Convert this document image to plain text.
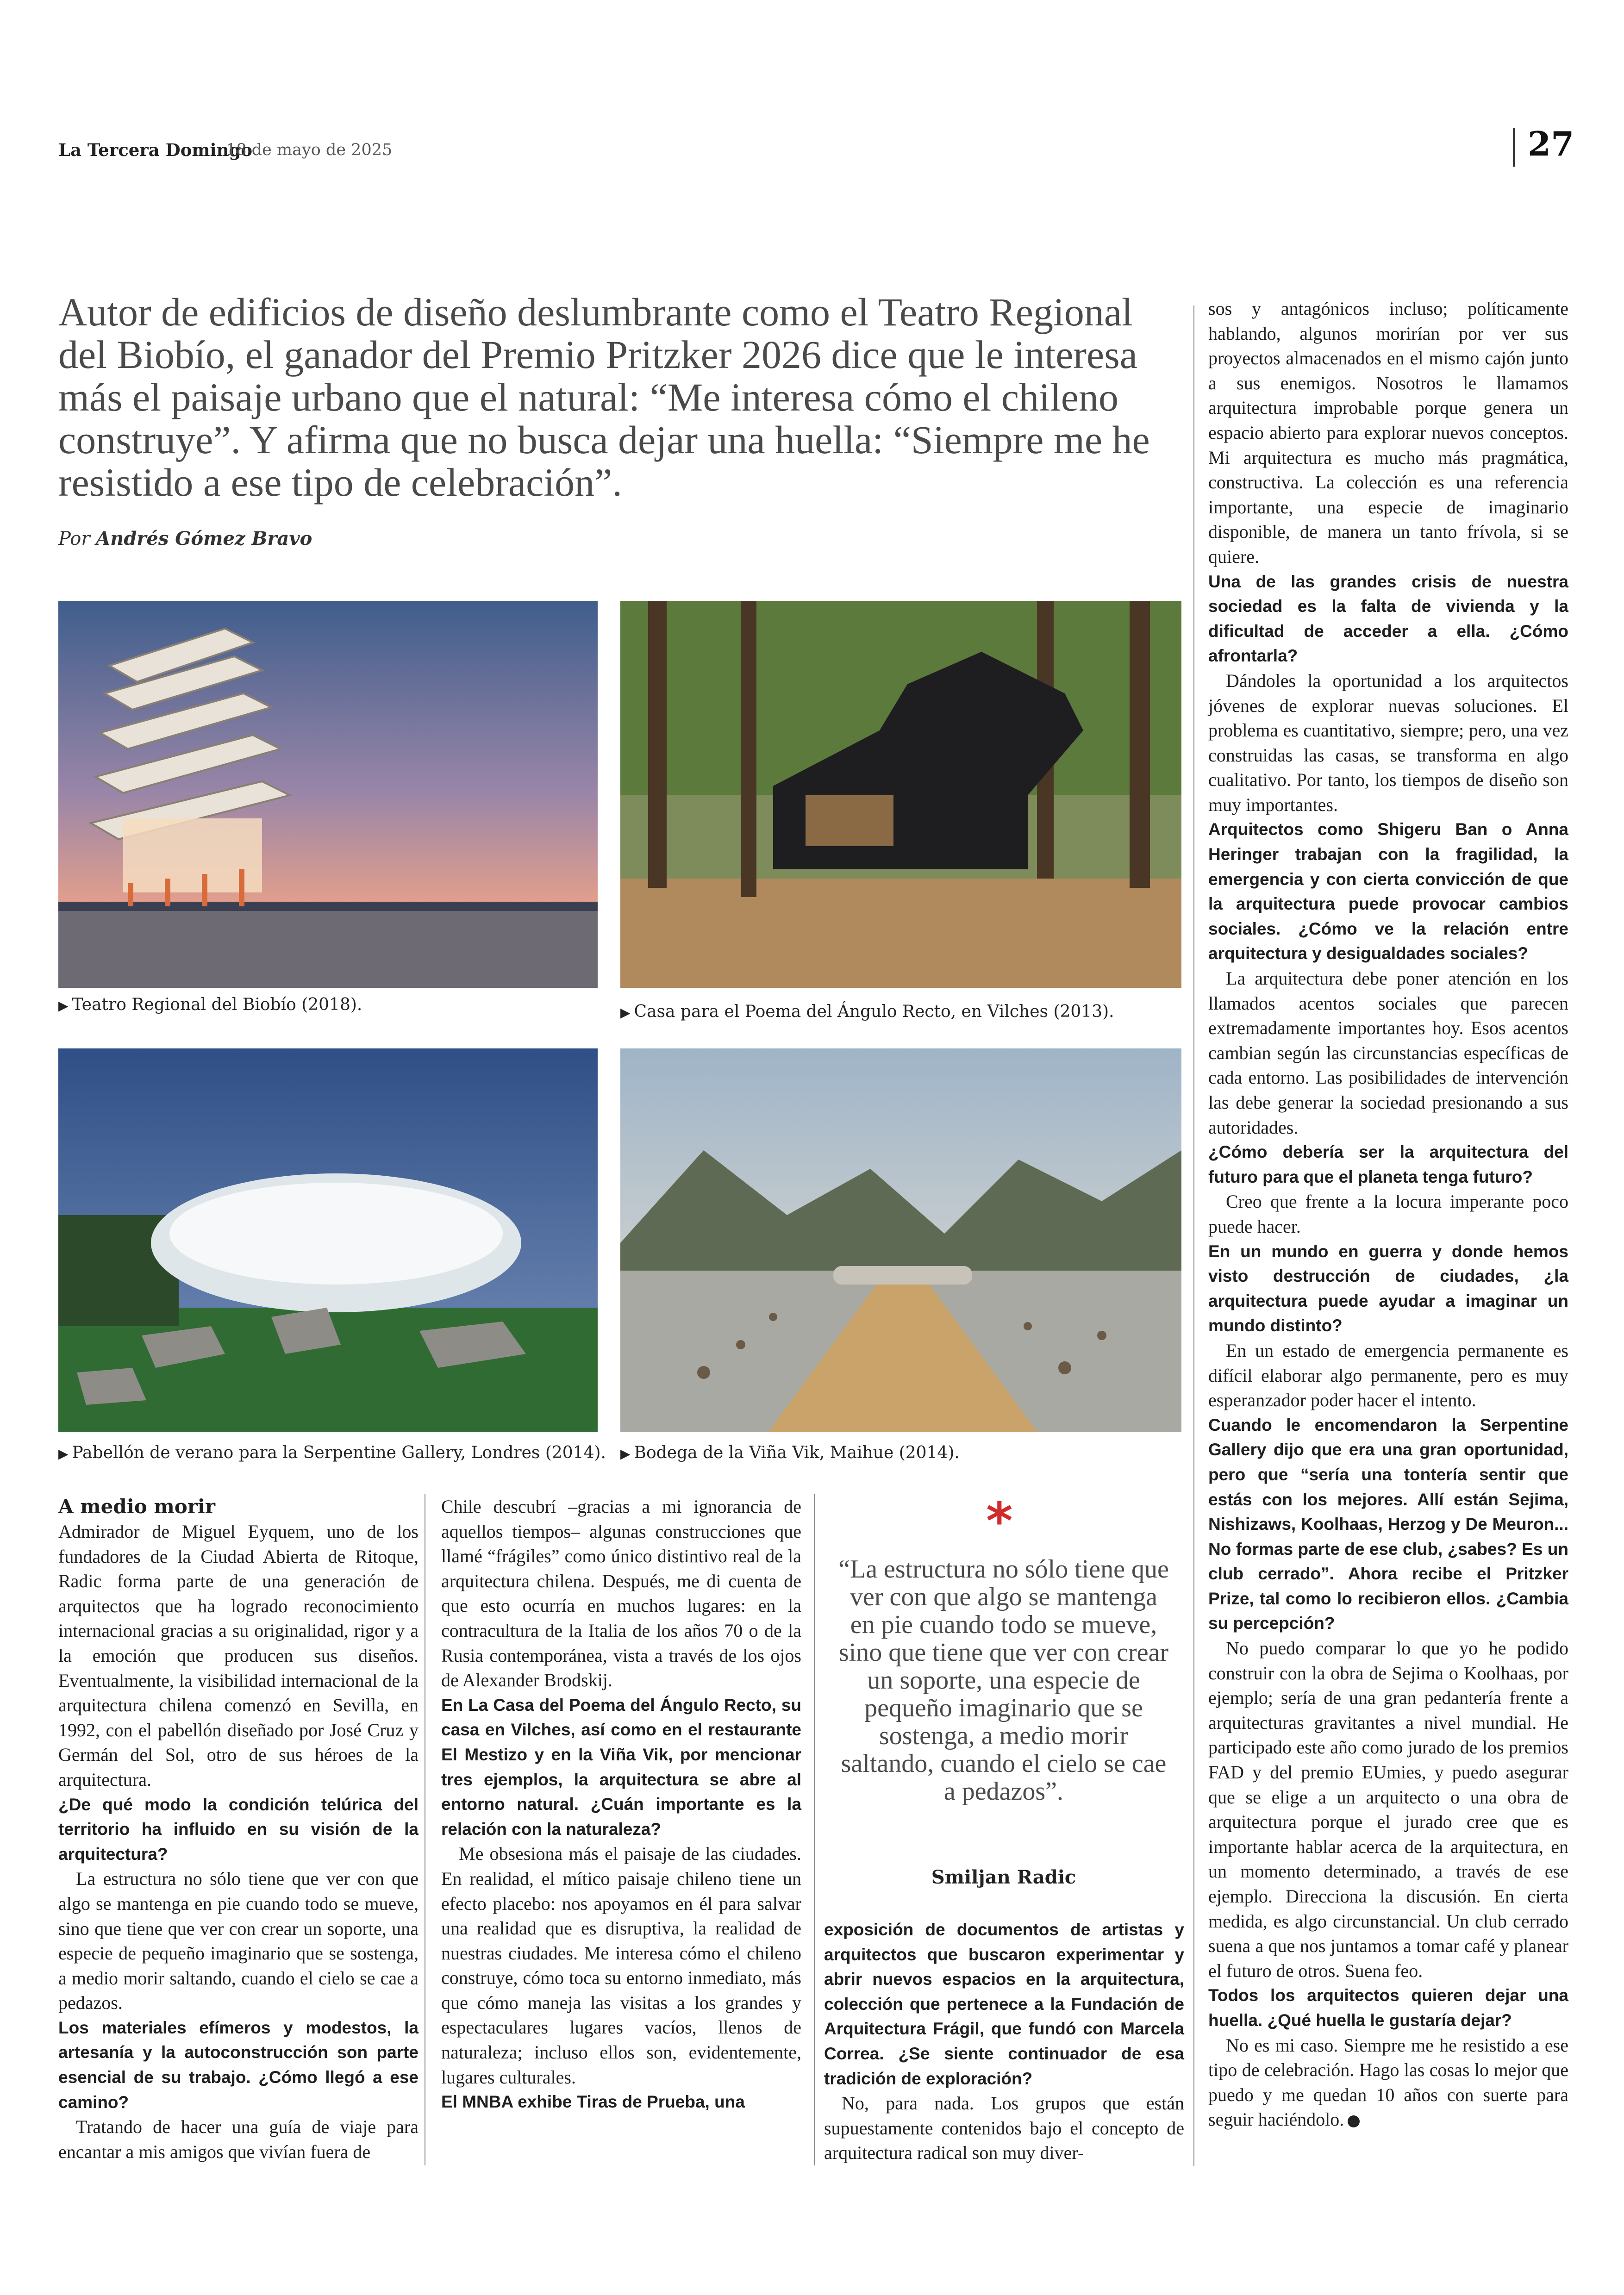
La Tercera Domingo
18 de mayo de 2025	27
Autor de edificios de diseño deslumbrante como el Teatro Regional del Biobío, el ganador del Premio Pritzker 2026 dice que le interesa más el paisaje urbano que el natural: “Me interesa cómo el chileno construye”. Y afirma que no busca dejar una huella: “Siempre me he resistido a ese tipo de celebración”.
Por Andrés Gómez Bravo
▶ Teatro Regional del Biobío (2018).	▶ Casa para el Poema del Ángulo Recto, en Vilches (2013).
▶ Pabellón de verano para la Serpentine Gallery, Londres (2014). ▶ Bodega de la Viña Vik, Maihue (2014).
A medio morir

Admirador de Miguel Eyquem, uno de los fundadores de la Ciudad Abierta de Ritoque, Radic forma parte de una generación de arquitectos que ha logrado reconocimiento internacional gracias a su originalidad, rigor y a la emoción que producen sus diseños. Eventualmente, la visibilidad internacional de la arquitectura chilena comenzó en Sevilla, en 1992, con el pabellón diseñado por José Cruz y Germán del Sol, otro de sus héroes de la arquitectura.

¿De qué modo la condición telúrica del territorio ha influido en su visión de la arquitectura?

La estructura no sólo tiene que ver con que algo se mantenga en pie cuando todo se mueve, sino que tiene que ver con crear un soporte, una especie de pequeño imaginario que se sostenga, a medio morir saltando, cuando el cielo se cae a pedazos.

Los materiales efímeros y modestos, la artesanía y la autoconstrucción son parte esencial de su trabajo. ¿Cómo llegó a ese camino?

Tratando de hacer una guía de viaje para encantar a mis amigos que vivían fuera de

Chile descubrí –gracias a mi ignorancia de aquellos tiempos– algunas construcciones que llamé “frágiles” como único distintivo real de la arquitectura chilena. Después, me di cuenta de que esto ocurría en muchos lugares: en la contracultura de la Italia de los años 70 o de la Rusia contemporánea, vista a través de los ojos de Alexander Brodskij.

En La Casa del Poema del Ángulo Recto, su casa en Vilches, así como en el restaurante El Mestizo y en la Viña Vik, por mencionar tres ejemplos, la arquitectura se abre al entorno natural. ¿Cuán importante es la relación con la naturaleza?

Me obsesiona más el paisaje de las ciudades. En realidad, el mítico paisaje chileno tiene un efecto placebo: nos apoyamos en él para salvar una realidad que es disruptiva, la realidad de nuestras ciudades. Me interesa cómo el chileno construye, cómo toca su entorno inmediato, más que cómo maneja las visitas a los grandes y espectaculares lugares vacíos, llenos de naturaleza; incluso ellos son, evidentemente, lugares culturales.

El MNBA exhibe Tiras de Prueba, una

*
“La estructura no sólo tiene que ver con que algo se mantenga en pie cuando todo se mueve, sino que tiene que ver con crear un soporte, una especie de pequeño imaginario que se sostenga, a medio morir saltando, cuando el cielo se cae a pedazos”.
Smiljan Radic

exposición de documentos de artistas y arquitectos que buscaron experimentar y abrir nuevos espacios en la arquitectura, colección que pertenece a la Fundación de Arquitectura Frágil, que fundó con Marcela Correa. ¿Se siente continuador de esa tradición de exploración?

No, para nada. Los grupos que están supuestamente contenidos bajo el concepto de arquitectura radical son muy diver-

sos y antagónicos incluso; políticamente hablando, algunos morirían por ver sus proyectos almacenados en el mismo cajón junto a sus enemigos. Nosotros le llamamos arquitectura improbable porque genera un espacio abierto para explorar nuevos conceptos. Mi arquitectura es mucho más pragmática, constructiva. La colección es una referencia importante, una especie de imaginario disponible, de manera un tanto frívola, si se quiere.

Una de las grandes crisis de nuestra sociedad es la falta de vivienda y la dificultad de acceder a ella. ¿Cómo afrontarla?

Dándoles la oportunidad a los arquitectos jóvenes de explorar nuevas soluciones. El problema es cuantitativo, siempre; pero, una vez construidas las casas, se transforma en algo cualitativo. Por tanto, los tiempos de diseño son muy importantes.

Arquitectos como Shigeru Ban o Anna Heringer trabajan con la fragilidad, la emergencia y con cierta convicción de que la arquitectura puede provocar cambios sociales. ¿Cómo ve la relación entre arquitectura y desigualdades sociales?

La arquitectura debe poner atención en los llamados acentos sociales que parecen extremadamente importantes hoy. Esos acentos cambian según las circunstancias específicas de cada entorno. Las posibilidades de intervención las debe generar la sociedad presionando a sus autoridades.

¿Cómo debería ser la arquitectura del futuro para que el planeta tenga futuro?

Creo que frente a la locura imperante poco puede hacer.

En un mundo en guerra y donde hemos visto destrucción de ciudades, ¿la arquitectura puede ayudar a imaginar un mundo distinto?

En un estado de emergencia permanente es difícil elaborar algo permanente, pero es muy esperanzador poder hacer el intento.

Cuando le encomendaron la Serpentine Gallery dijo que era una gran oportunidad, pero que “sería una tontería sentir que estás con los mejores. Allí están Sejima, Nishizaws, Koolhaas, Herzog y De Meuron... No formas parte de ese club, ¿sabes? Es un club cerrado”. Ahora recibe el Pritzker Prize, tal como lo recibieron ellos. ¿Cambia su percepción?

No puedo comparar lo que yo he podido construir con la obra de Sejima o Koolhaas, por ejemplo; sería de una gran pedantería frente a arquitecturas gravitantes a nivel mundial. He participado este año como jurado de los premios FAD y del premio EUmies, y puedo asegurar que se elige a un arquitecto o una obra de arquitectura porque el jurado cree que es importante hablar acerca de la arquitectura, en un momento determinado, a través de ese ejemplo. Direcciona la discusión. En cierta medida, es algo circunstancial. Un club cerrado suena a que nos juntamos a tomar café y planear el futuro de otros. Suena feo.

Todos los arquitectos quieren dejar una huella. ¿Qué huella le gustaría dejar?

No es mi caso. Siempre me he resistido a ese tipo de celebración. Hago las cosas lo mejor que puedo y me quedan 10 años con suerte para seguir haciéndolo.
